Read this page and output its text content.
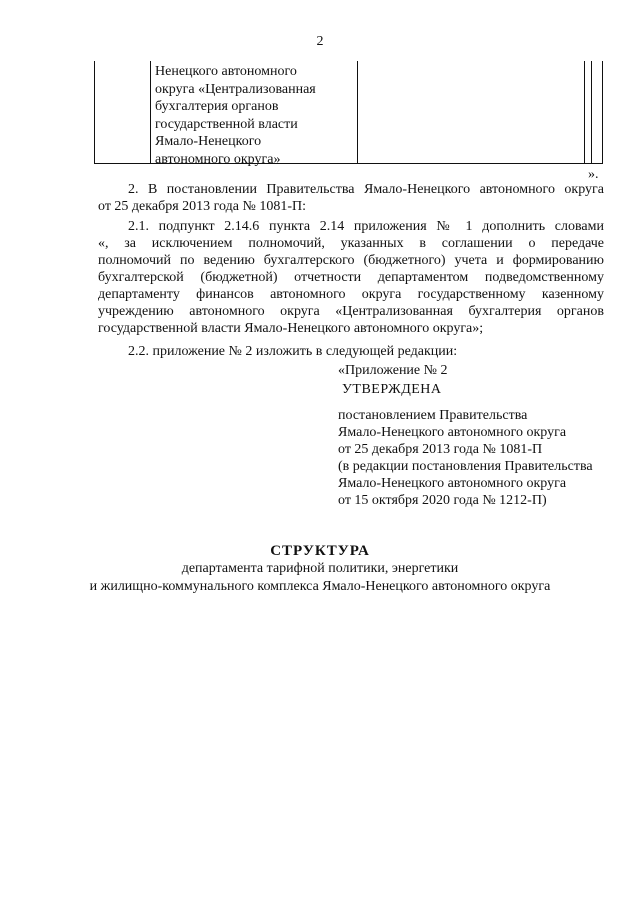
2
Ненецкого автономного
округа «Централизованная
бухгалтерия органов
государственной власти
Ямало-Ненецкого
автономного округа»
».
2. В постановлении Правительства Ямало-Ненецкого автономного округа
от 25 декабря 2013 года № 1081-П:
2.1. подпункт 2.14.6 пункта 2.14 приложения № 1 дополнить словами
«, за исключением полномочий, указанных в соглашении о передаче
полномочий по ведению бухгалтерского (бюджетного) учета и формированию
бухгалтерской (бюджетной) отчетности департаментом подведомственному
департаменту финансов автономного округа государственному казенному
учреждению автономного округа «Централизованная бухгалтерия органов
государственной власти Ямало-Ненецкого автономного округа»;
2.2. приложение № 2 изложить в следующей редакции:
«Приложение № 2
УТВЕРЖДЕНА
постановлением Правительства
Ямало-Ненецкого автономного округа
от 25 декабря 2013 года № 1081-П
(в редакции постановления Правительства
Ямало-Ненецкого автономного округа
от 15 октября 2020 года № 1212-П)
СТРУКТУРА
департамента тарифной политики, энергетики
и жилищно-коммунального комплекса Ямало-Ненецкого автономного округа
